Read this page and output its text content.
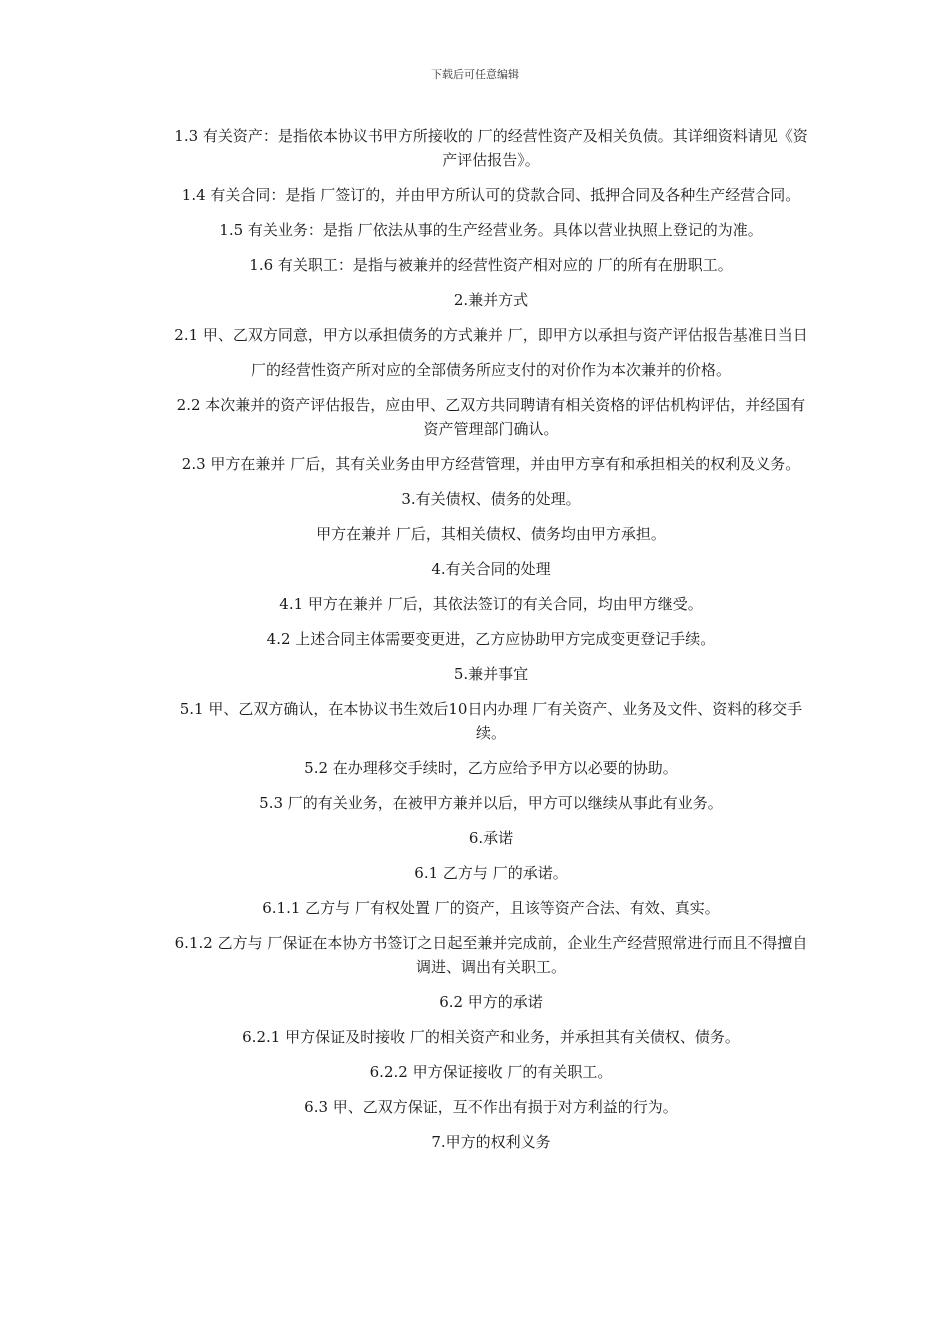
下载后可任意编辑

1.3 有关资产：是指依本协议书甲方所接收的 厂的经营性资产及相关负债。其详细资料请见《资产评估报告》。

1.4 有关合同：是指 厂签订的，并由甲方所认可的贷款合同、抵押合同及各种生产经营合同。

1.5 有关业务：是指 厂依法从事的生产经营业务。具体以营业执照上登记的为准。

1.6 有关职工：是指与被兼并的经营性资产相对应的 厂的所有在册职工。

2.兼并方式

2.1 甲、乙双方同意，甲方以承担债务的方式兼并 厂，即甲方以承担与资产评估报告基准日当日

厂的经营性资产所对应的全部债务所应支付的对价作为本次兼并的价格。

2.2 本次兼并的资产评估报告，应由甲、乙双方共同聘请有相关资格的评估机构评估，并经国有资产管理部门确认。

2.3 甲方在兼并 厂后，其有关业务由甲方经营管理，并由甲方享有和承担相关的权利及义务。

3.有关债权、债务的处理。

甲方在兼并 厂后，其相关债权、债务均由甲方承担。

4.有关合同的处理

4.1 甲方在兼并 厂后，其依法签订的有关合同，均由甲方继受。

4.2 上述合同主体需要变更进，乙方应协助甲方完成变更登记手续。

5.兼并事宜

5.1 甲、乙双方确认，在本协议书生效后10日内办理 厂有关资产、业务及文件、资料的移交手续。

5.2 在办理移交手续时，乙方应给予甲方以必要的协助。

5.3 厂的有关业务，在被甲方兼并以后，甲方可以继续从事此有业务。

6.承诺

6.1 乙方与 厂的承诺。

6.1.1 乙方与 厂有权处置 厂的资产，且该等资产合法、有效、真实。

6.1.2 乙方与 厂保证在本协方书签订之日起至兼并完成前，企业生产经营照常进行而且不得擅自调进、调出有关职工。

6.2 甲方的承诺

6.2.1 甲方保证及时接收 厂的相关资产和业务，并承担其有关债权、债务。

6.2.2 甲方保证接收 厂的有关职工。

6.3 甲、乙双方保证，互不作出有损于对方利益的行为。

7.甲方的权利义务
